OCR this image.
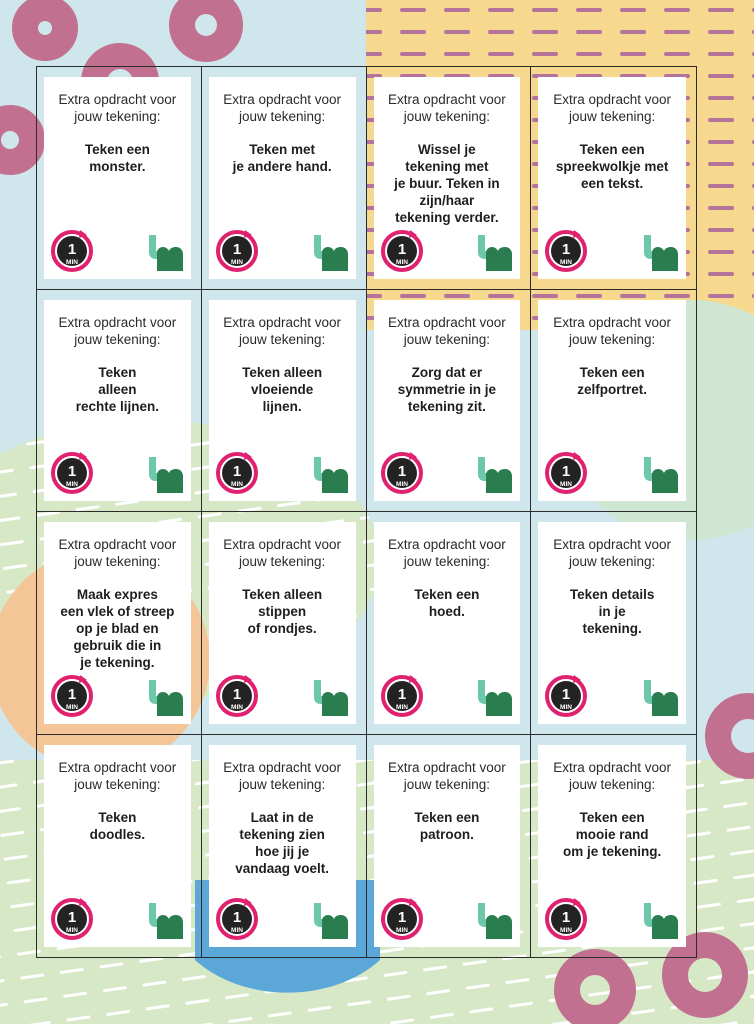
Extra opdracht voor
jouw tekening:
Teken een
monster.
1
MIN
Extra opdracht voor
jouw tekening:
Teken met
je andere hand.
1
MIN
Extra opdracht voor
jouw tekening:
Wissel je
tekening met
je buur. Teken in
zijn/haar
tekening verder.
1
MIN
Extra opdracht voor
jouw tekening:
Teken een
spreekwolkje met
een tekst.
1
MIN
Extra opdracht voor
jouw tekening:
Teken
alleen
rechte lijnen.
1
MIN
Extra opdracht voor
jouw tekening:
Teken alleen
vloeiende
lijnen.
1
MIN
Extra opdracht voor
jouw tekening:
Zorg dat er
symmetrie in je
tekening zit.
1
MIN
Extra opdracht voor
jouw tekening:
Teken een
zelfportret.
1
MIN
Extra opdracht voor
jouw tekening:
Maak expres
een vlek of streep
op je blad en
gebruik die in
je tekening.
1
MIN
Extra opdracht voor
jouw tekening:
Teken alleen
stippen
of rondjes.
1
MIN
Extra opdracht voor
jouw tekening:
Teken een
hoed.
1
MIN
Extra opdracht voor
jouw tekening:
Teken details
in je
tekening.
1
MIN
Extra opdracht voor
jouw tekening:
Teken
doodles.
1
MIN
Extra opdracht voor
jouw tekening:
Laat in de
tekening zien
hoe jij je
vandaag voelt.
1
MIN
Extra opdracht voor
jouw tekening:
Teken een
patroon.
1
MIN
Extra opdracht voor
jouw tekening:
Teken een
mooie rand
om je tekening.
1
MIN
